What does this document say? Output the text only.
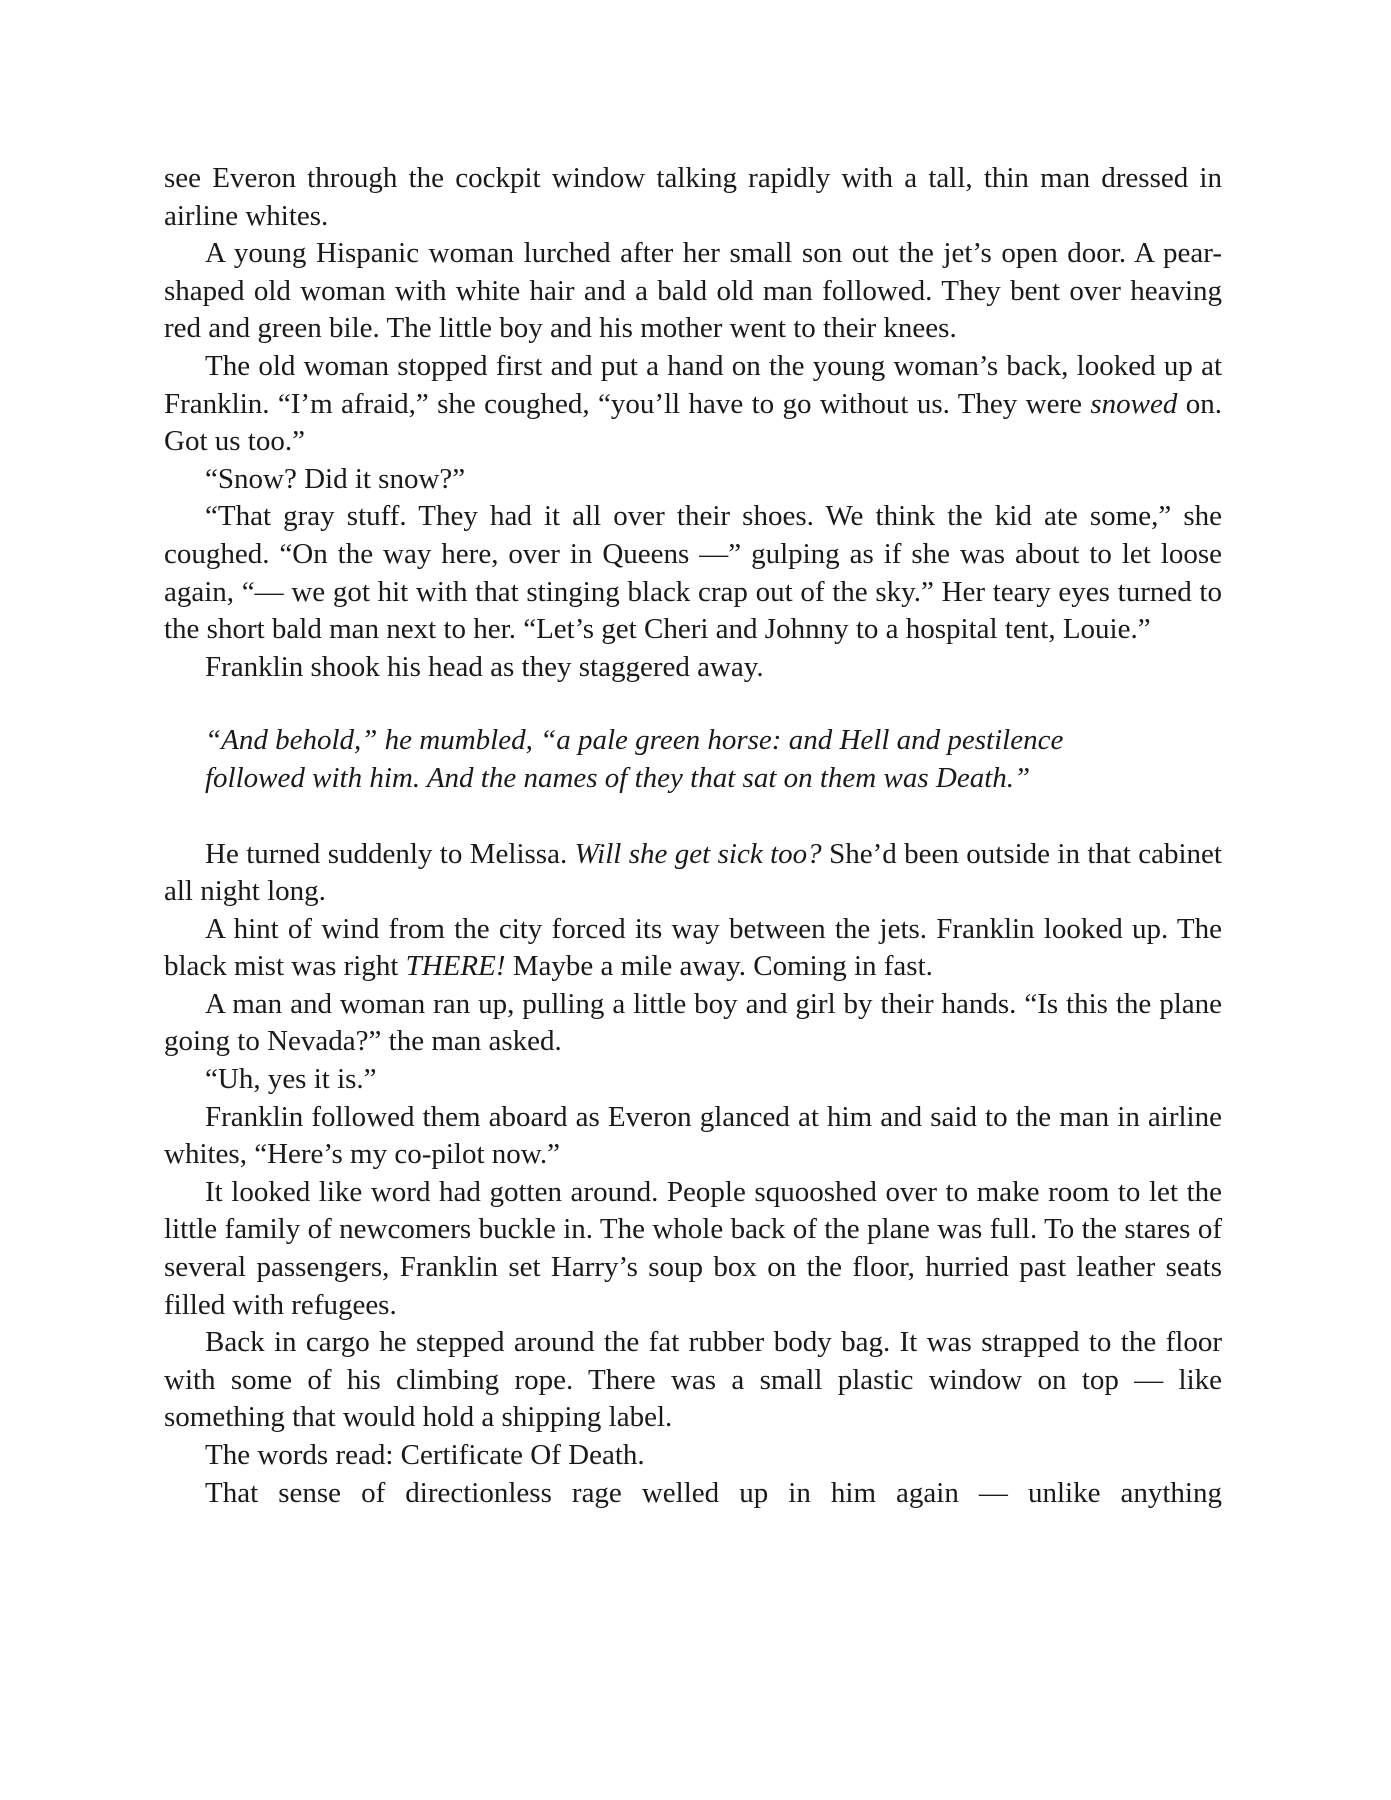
see Everon through the cockpit window talking rapidly with a tall, thin man dressed in airline whites.

A young Hispanic woman lurched after her small son out the jet’s open door. A pear-shaped old woman with white hair and a bald old man followed. They bent over heaving red and green bile. The little boy and his mother went to their knees.

The old woman stopped first and put a hand on the young woman’s back, looked up at Franklin. “I’m afraid,” she coughed, “you’ll have to go without us. They were snowed on. Got us too.”

“Snow? Did it snow?”

“That gray stuff. They had it all over their shoes. We think the kid ate some,” she coughed. “On the way here, over in Queens —” gulping as if she was about to let loose again, “— we got hit with that stinging black crap out of the sky.” Her teary eyes turned to the short bald man next to her. “Let’s get Cheri and Johnny to a hospital tent, Louie.”

Franklin shook his head as they staggered away.

“And behold,” he mumbled, “a pale green horse: and Hell and pestilence
followed with him. And the names of they that sat on them was Death.”

He turned suddenly to Melissa. Will she get sick too? She’d been outside in that cabinet all night long.

A hint of wind from the city forced its way between the jets. Franklin looked up. The black mist was right THERE! Maybe a mile away. Coming in fast.

A man and woman ran up, pulling a little boy and girl by their hands. “Is this the plane going to Nevada?” the man asked.

“Uh, yes it is.”

Franklin followed them aboard as Everon glanced at him and said to the man in airline whites, “Here’s my co-pilot now.”

It looked like word had gotten around. People squooshed over to make room to let the little family of newcomers buckle in. The whole back of the plane was full. To the stares of several passengers, Franklin set Harry’s soup box on the floor, hurried past leather seats filled with refugees.

Back in cargo he stepped around the fat rubber body bag. It was strapped to the floor with some of his climbing rope. There was a small plastic window on top — like something that would hold a shipping label.

The words read: Certificate Of Death.

That sense of directionless rage welled up in him again — unlike anything
